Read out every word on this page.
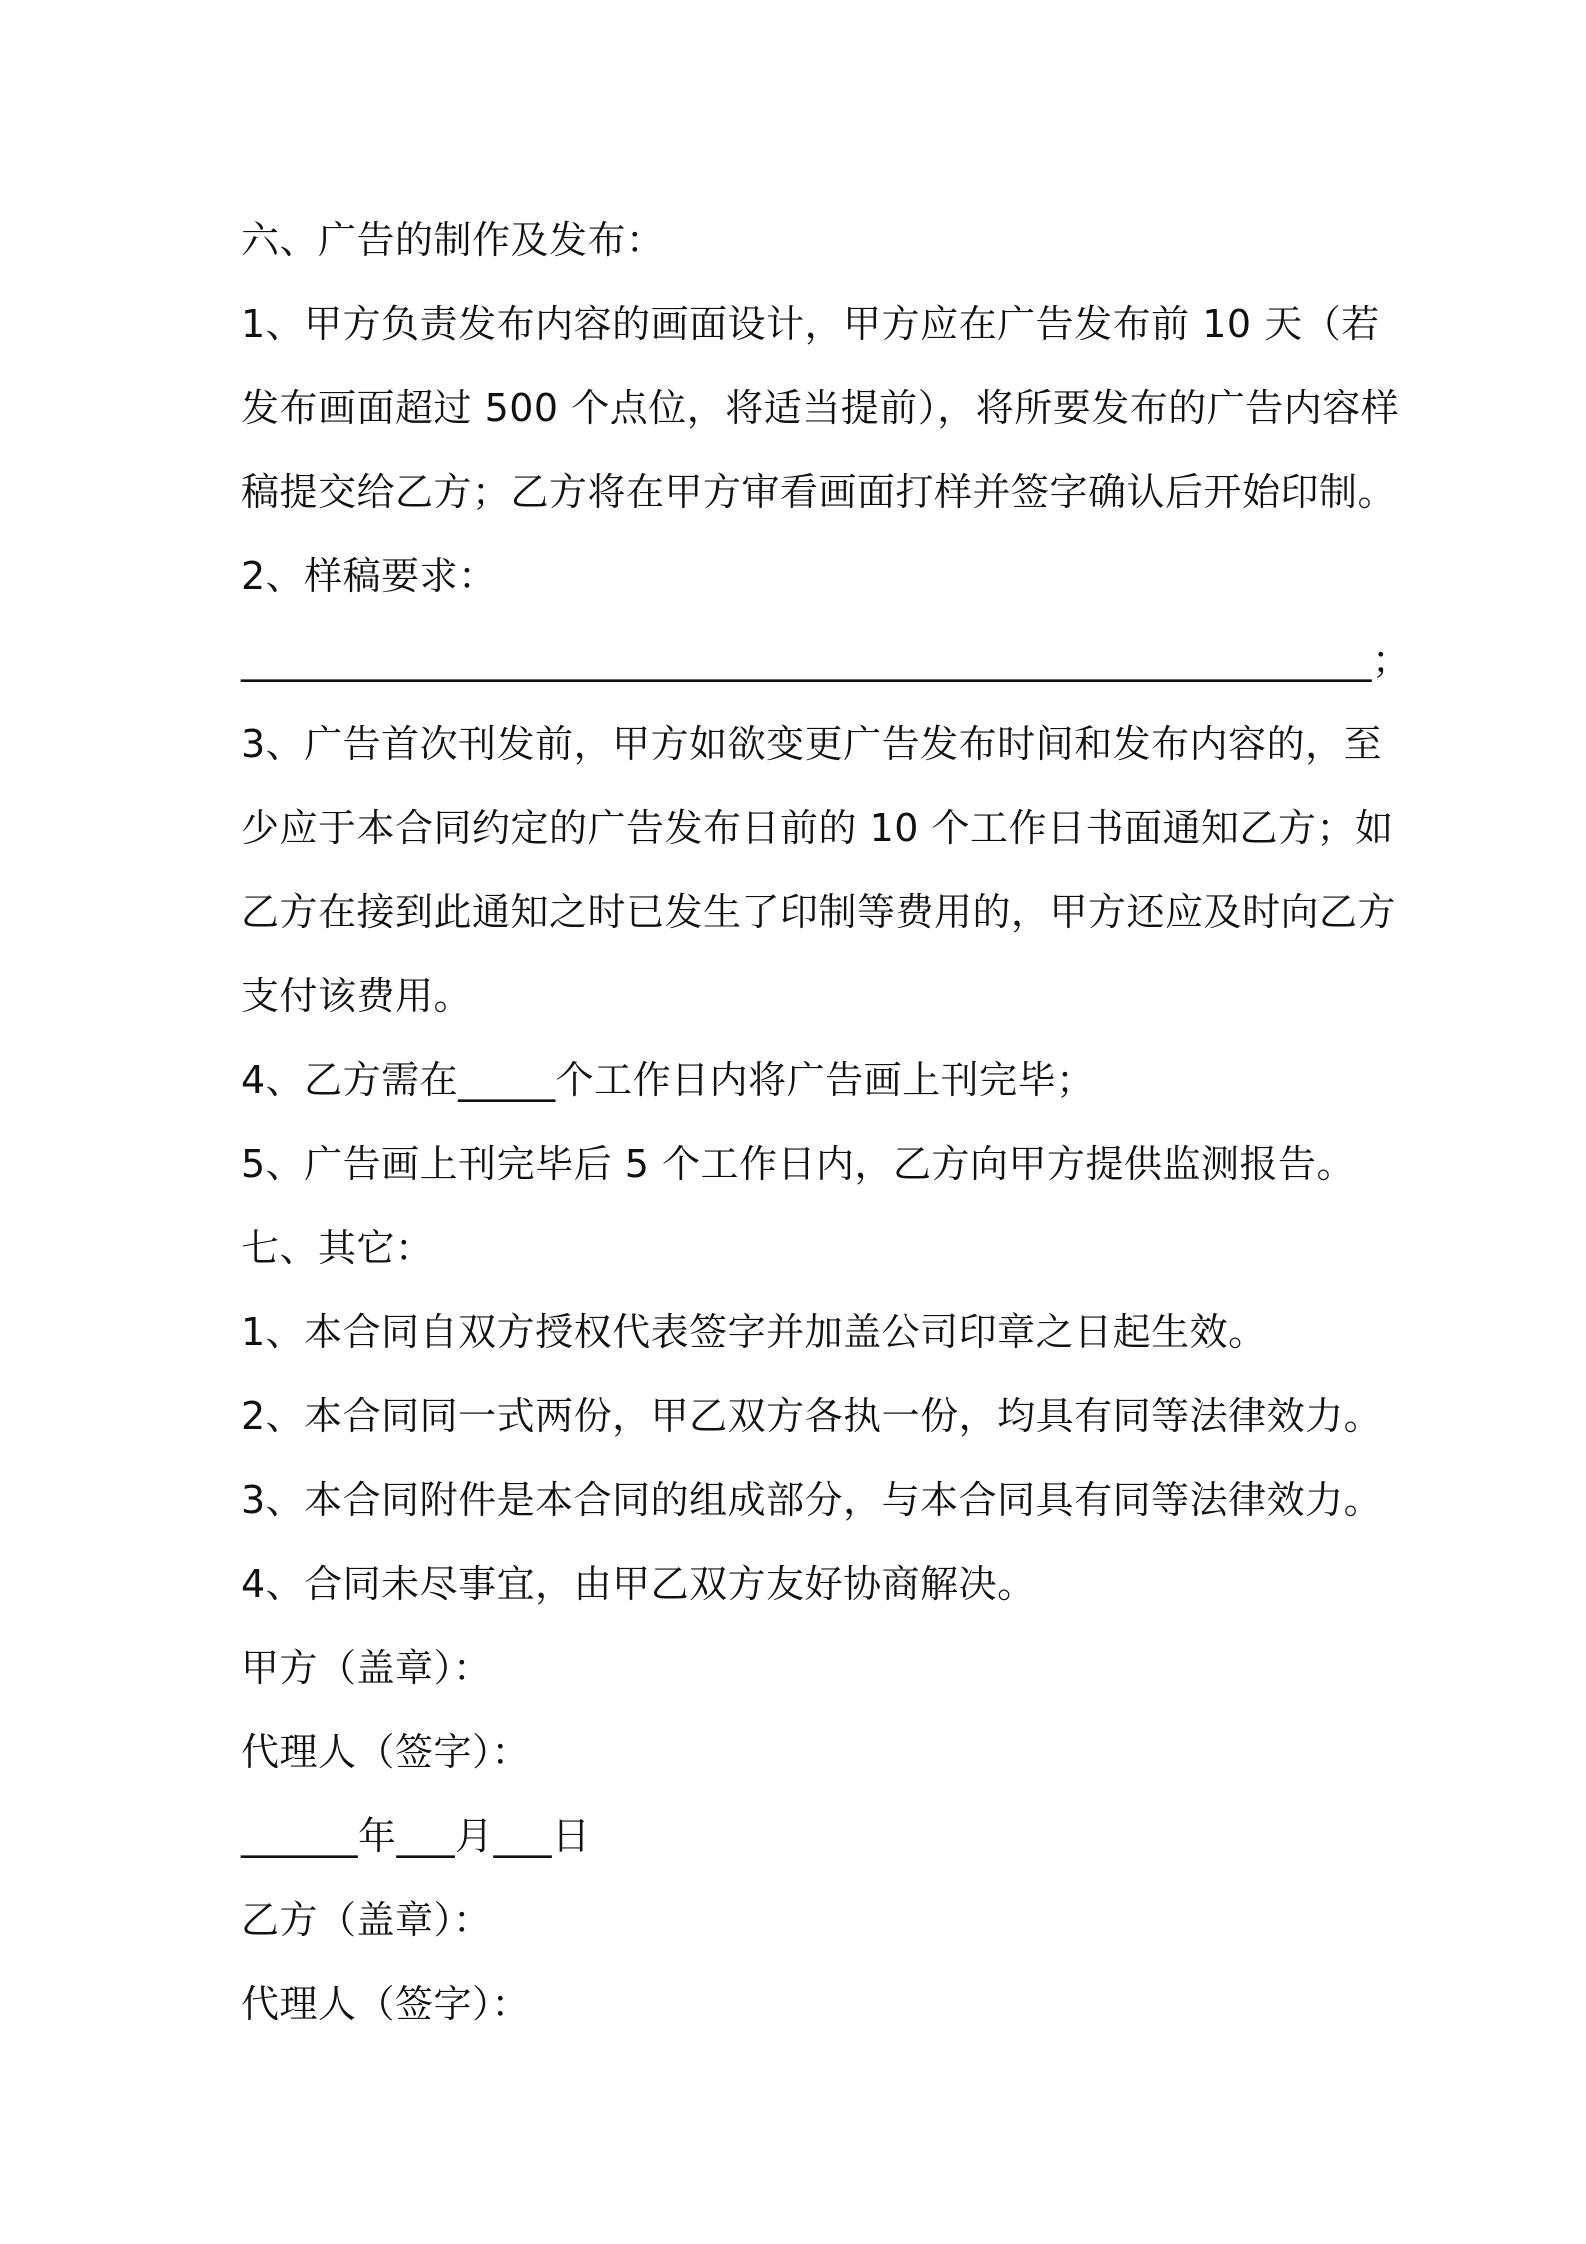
六、广告的制作及发布：
1、甲方负责发布内容的画面设计，甲方应在广告发布前 10 天（若
发布画面超过 500 个点位，将适当提前），将所要发布的广告内容样
稿提交给乙方；乙方将在甲方审看画面打样并签字确认后开始印制。
2、样稿要求：
__________________________________________________________；
3、广告首次刊发前，甲方如欲变更广告发布时间和发布内容的，至
少应于本合同约定的广告发布日前的 10 个工作日书面通知乙方；如
乙方在接到此通知之时已发生了印制等费用的，甲方还应及时向乙方
支付该费用。
4、乙方需在_____个工作日内将广告画上刊完毕；
5、广告画上刊完毕后 5 个工作日内，乙方向甲方提供监测报告。
七、其它：
1、本合同自双方授权代表签字并加盖公司印章之日起生效。
2、本合同同一式两份，甲乙双方各执一份，均具有同等法律效力。
3、本合同附件是本合同的组成部分，与本合同具有同等法律效力。
4、合同未尽事宜，由甲乙双方友好协商解决。
甲方（盖章）：
代理人（签字）：
______年___月___日
乙方（盖章）：
代理人（签字）：
